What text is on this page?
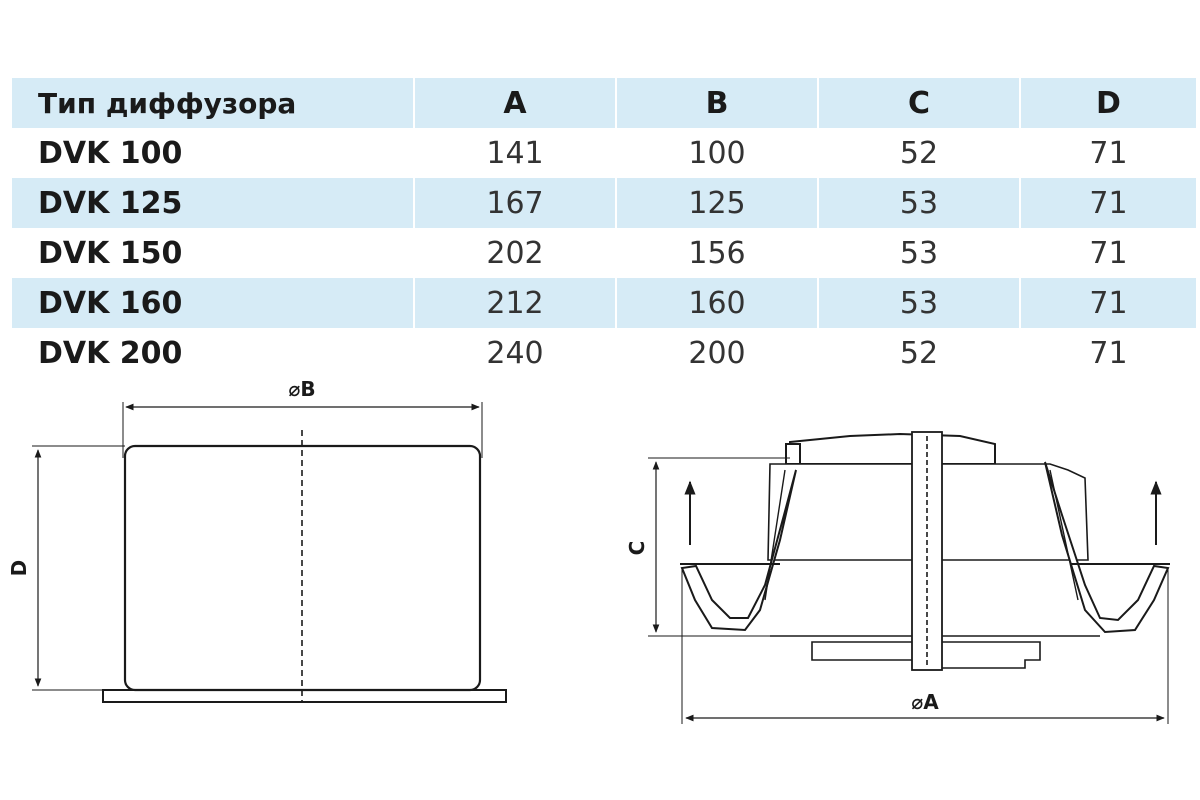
Тип диффузора	A	B	C	D
DVK 100	141	100	52	71
DVK 125	167	125	53	71
DVK 150	202	156	53	71
DVK 160	212	160	53	71
DVK 200	240	200	52	71
⌀B
D
C
⌀A
